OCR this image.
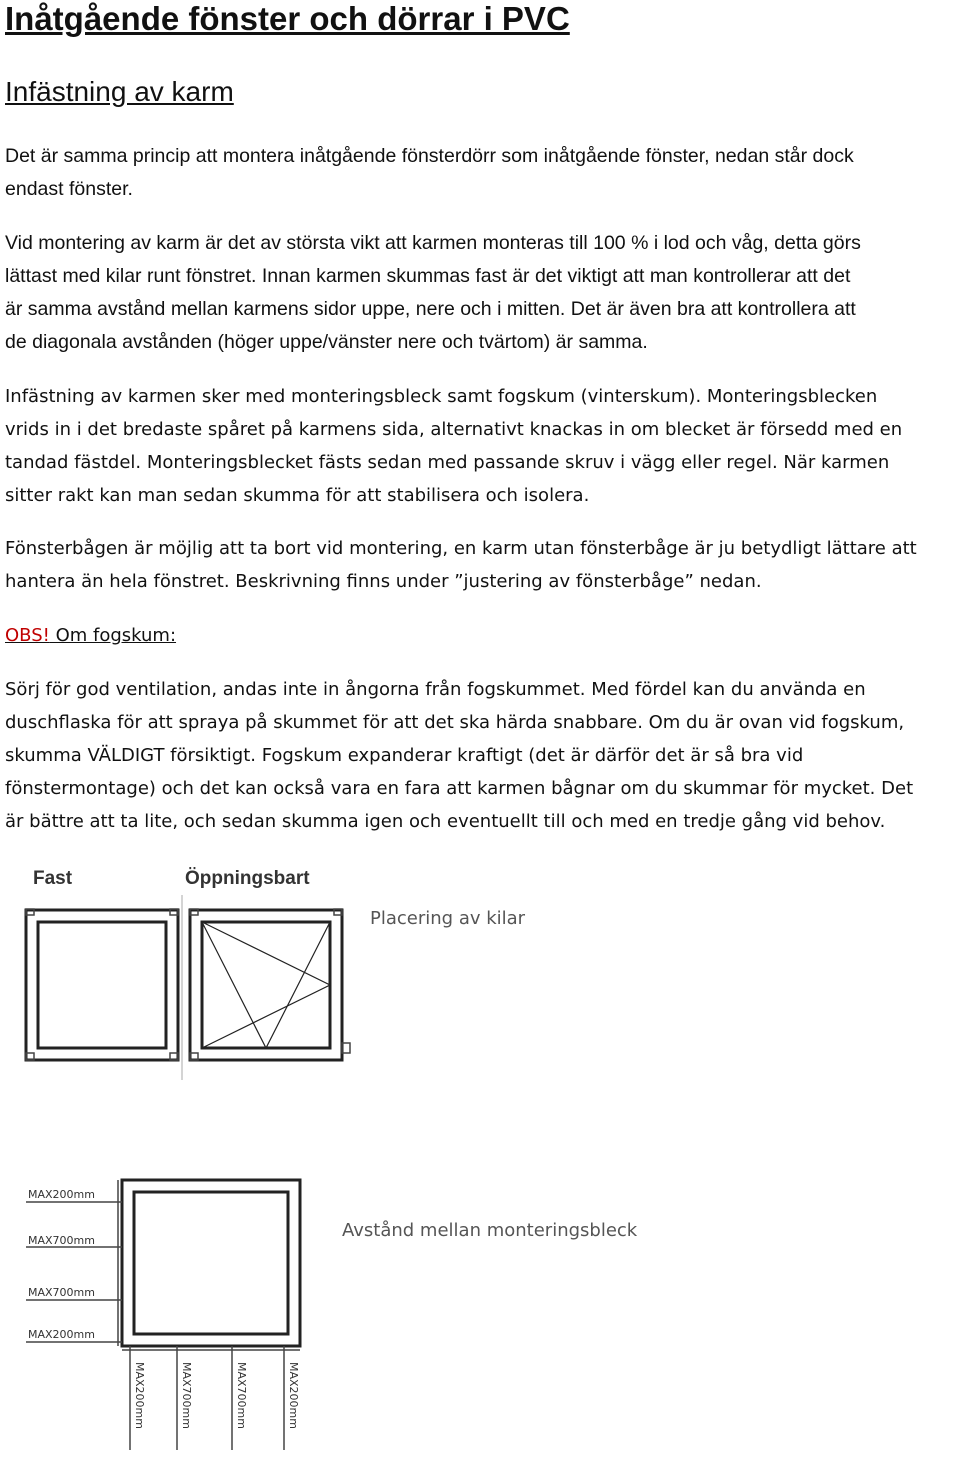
Inåtgående fönster och dörrar i PVC
Infästning av karm
Det är samma princip att montera inåtgående fönsterdörr som inåtgående fönster, nedan står dock
endast fönster.
Vid montering av karm är det av största vikt att karmen monteras till 100 % i lod och våg, detta görs
lättast med kilar runt fönstret. Innan karmen skummas fast är det viktigt att man kontrollerar att det
är samma avstånd mellan karmens sidor uppe, nere och i mitten. Det är även bra att kontrollera att
de diagonala avstånden (höger uppe/vänster nere och tvärtom) är samma.
Infästning av karmen sker med monteringsbleck samt fogskum (vinterskum). Monteringsblecken
vrids in i det bredaste spåret på karmens sida, alternativt knackas in om blecket är försedd med en
tandad fästdel. Monteringsblecket fästs sedan med passande skruv i vägg eller regel. När karmen
sitter rakt kan man sedan skumma för att stabilisera och isolera.
Fönsterbågen är möjlig att ta bort vid montering, en karm utan fönsterbåge är ju betydligt lättare att
hantera än hela fönstret. Beskrivning finns under ”justering av fönsterbåge” nedan.
OBS! Om fogskum:
Sörj för god ventilation, andas inte in ångorna från fogskummet. Med fördel kan du använda en
duschflaska för att spraya på skummet för att det ska härda snabbare. Om du är ovan vid fogskum,
skumma VÄLDIGT försiktigt. Fogskum expanderar kraftigt (det är därför det är så bra vid
fönstermontage) och det kan också vara en fara att karmen bågnar om du skummar för mycket. Det
är bättre att ta lite, och sedan skumma igen och eventuellt till och med en tredje gång vid behov.
Fast	Öppningsbart
Placering av kilar
Avstånd mellan monteringsbleck
MAX200mm
MAX700mm
MAX700mm
MAX200mm
MAX200mm	MAX700mm	MAX700mm	MAX200mm
